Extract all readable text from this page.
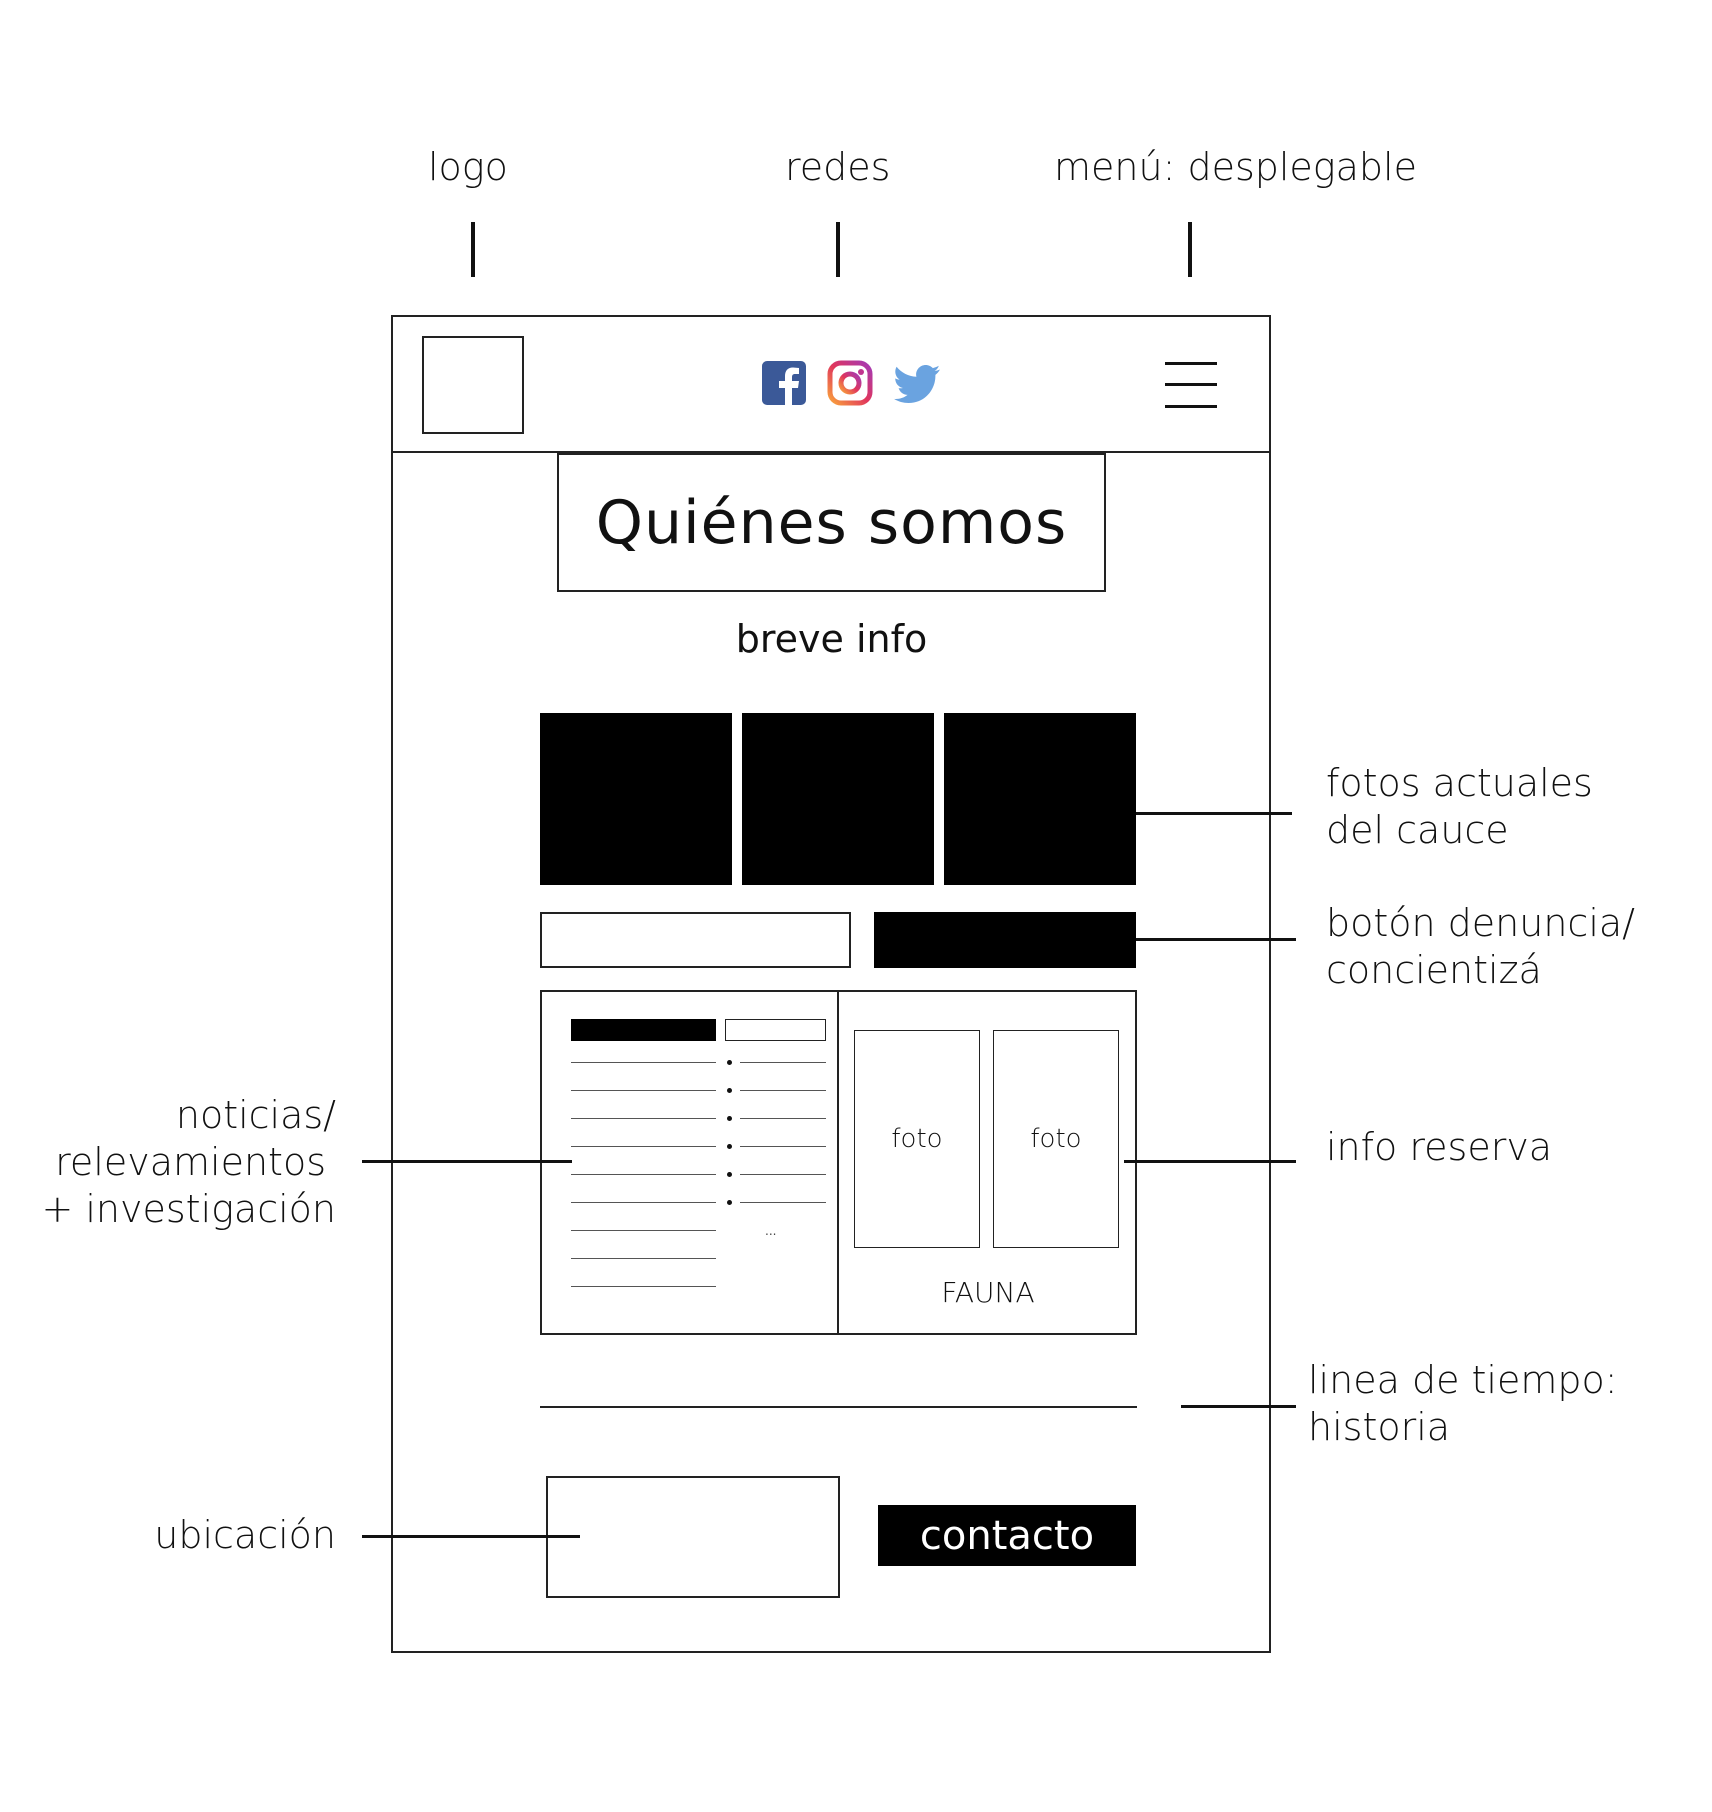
logo	redes	menú: desplegable
Quiénes somos
breve info
...
foto	foto
FAUNA
contacto
fotos actuales
del cauce
botón denuncia/
concientizá
info reserva
linea de tiempo:
historia
noticias/
relevamientos
+ investigación
ubicación
